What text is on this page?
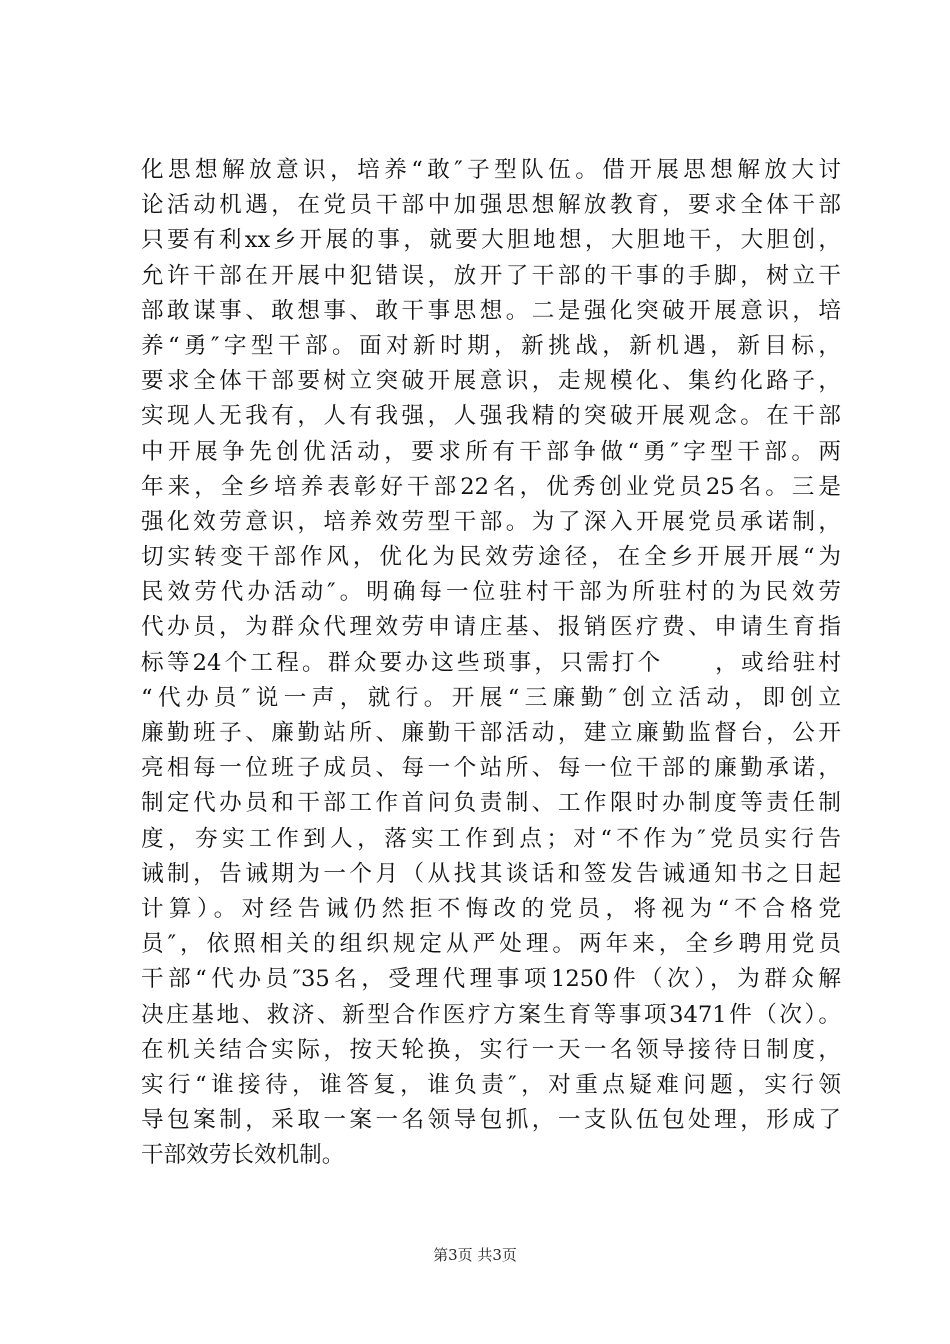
化思想解放意识，培养“敢″子型队伍。借开展思想解放大讨
论活动机遇，在党员干部中加强思想解放教育，要求全体干部
只要有利xx乡开展的事，就要大胆地想，大胆地干，大胆创，
允许干部在开展中犯错误，放开了干部的干事的手脚，树立干
部敢谋事、敢想事、敢干事思想。二是强化突破开展意识，培
养“勇″字型干部。面对新时期，新挑战，新机遇，新目标，
要求全体干部要树立突破开展意识，走规模化、集约化路子，
实现人无我有，人有我强，人强我精的突破开展观念。在干部
中开展争先创优活动，要求所有干部争做“勇″字型干部。两
年来，全乡培养表彰好干部22名，优秀创业党员25名。三是
强化效劳意识，培养效劳型干部。为了深入开展党员承诺制，
切实转变干部作风，优化为民效劳途径，在全乡开展开展“为
民效劳代办活动″。明确每一位驻村干部为所驻村的为民效劳
代办员，为群众代理效劳申请庄基、报销医疗费、申请生育指
标等24个工程。群众要办这些琐事，只需打个　　，或给驻村
“代办员″说一声，就行。开展“三廉勤″创立活动，即创立
廉勤班子、廉勤站所、廉勤干部活动，建立廉勤监督台，公开
亮相每一位班子成员、每一个站所、每一位干部的廉勤承诺，
制定代办员和干部工作首问负责制、工作限时办制度等责任制
度，夯实工作到人，落实工作到点；对“不作为″党员实行告
诫制，告诫期为一个月（从找其谈话和签发告诫通知书之日起
计算）。对经告诫仍然拒不悔改的党员，将视为“不合格党
员″，依照相关的组织规定从严处理。两年来，全乡聘用党员
干部“代办员″35名，受理代理事项1250件（次），为群众解
决庄基地、救济、新型合作医疗方案生育等事项3471件（次）。
在机关结合实际，按天轮换，实行一天一名领导接待日制度，
实行“谁接待，谁答复，谁负责″，对重点疑难问题，实行领
导包案制，采取一案一名领导包抓，一支队伍包处理，形成了
干部效劳长效机制。
第3页 共3页
